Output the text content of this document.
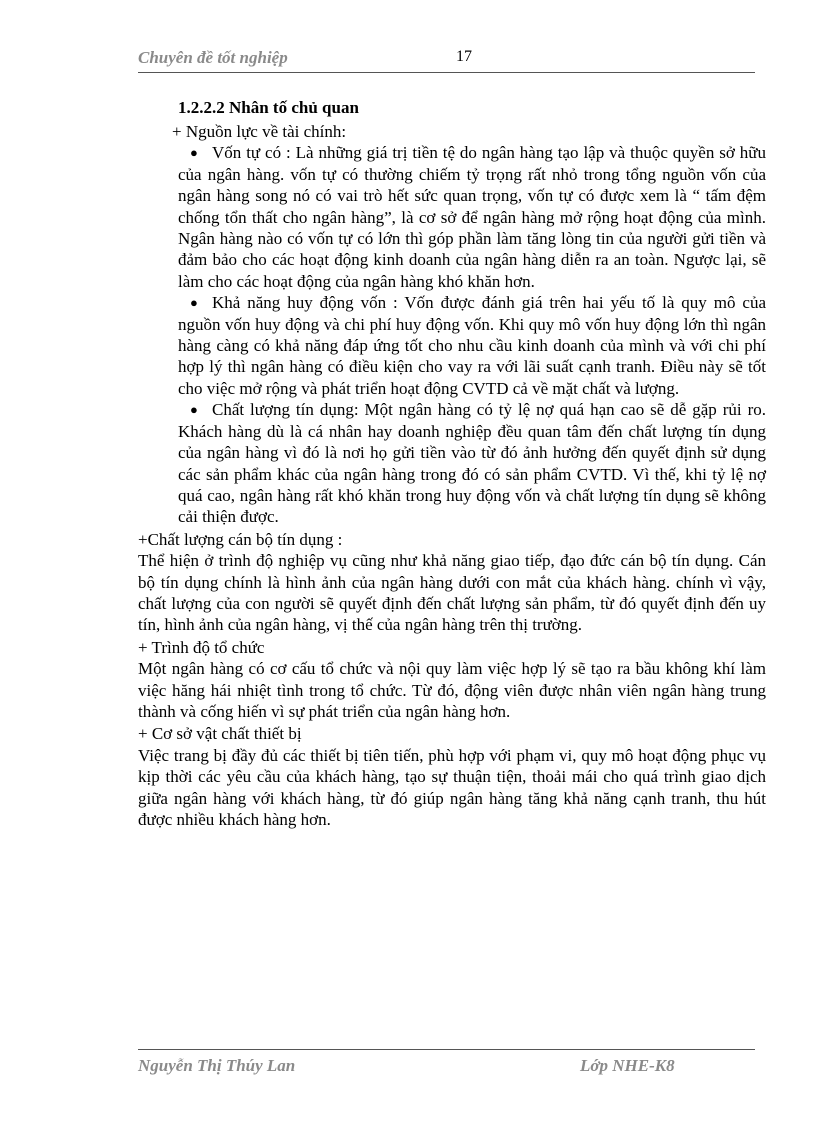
Chuyên đề tốt nghiệp	17

1.2.2.2 Nhân tố chủ quan

+ Nguồn lực về tài chính:

● Vốn tự có : Là những giá trị tiền tệ do ngân hàng tạo lập và thuộc quyền sở hữu của ngân hàng. vốn tự có thường chiếm tỷ trọng rất nhỏ trong tổng nguồn vốn của ngân hàng song nó có vai trò hết sức quan trọng, vốn tự có được xem là “ tấm đệm chống tổn thất cho ngân hàng”, là cơ sở để ngân hàng mở rộng hoạt động của mình. Ngân hàng nào có vốn tự có lớn thì góp phần làm tăng lòng tin của người gửi tiền và đảm bảo cho các hoạt động kinh doanh của ngân hàng diễn ra an toàn. Ngược lại, sẽ làm cho các hoạt động của ngân hàng khó khăn hơn.
● Khả năng huy động vốn : Vốn được đánh giá trên hai yếu tố là quy mô của nguồn vốn huy động và chi phí huy động vốn. Khi quy mô vốn huy động lớn thì ngân hàng càng có khả năng đáp ứng tốt cho nhu cầu kinh doanh của mình và với chi phí hợp lý thì ngân hàng có điều kiện cho vay ra với lãi suất cạnh tranh. Điều này sẽ tốt cho việc mở rộng và phát triển hoạt động CVTD cả về mặt chất và lượng.
● Chất lượng tín dụng: Một ngân hàng có tỷ lệ nợ quá hạn cao sẽ dễ gặp rủi ro. Khách hàng dù là cá nhân hay doanh nghiệp đều quan tâm đến chất lượng tín dụng của ngân hàng vì đó là nơi họ gửi tiền vào từ đó ảnh hưởng đến quyết định sử dụng các sản phẩm khác của ngân hàng trong đó có sản phẩm CVTD. Vì thế, khi tỷ lệ nợ quá cao, ngân hàng rất khó khăn trong huy động vốn và chất lượng tín dụng sẽ không cải thiện được.

+Chất lượng cán bộ tín dụng :

Thể hiện ở trình độ nghiệp vụ cũng như khả năng giao tiếp, đạo đức cán bộ tín dụng. Cán bộ tín dụng chính là hình ảnh của ngân hàng dưới con mắt của khách hàng. chính vì vậy, chất lượng của con người sẽ quyết định đến chất lượng sản phẩm, từ đó quyết định đến uy tín, hình ảnh của ngân hàng, vị thế của ngân hàng trên thị trường.

+ Trình độ tổ chức

Một ngân hàng có cơ cấu tổ chức và nội quy làm việc hợp lý sẽ tạo ra bầu không khí làm việc hăng hái nhiệt tình trong tổ chức. Từ đó, động viên được nhân viên ngân hàng trung thành và cống hiến vì sự phát triển của ngân hàng hơn.

+ Cơ sở vật chất thiết bị

Việc trang bị đầy đủ các thiết bị tiên tiến, phù hợp với phạm vi, quy mô hoạt động phục vụ kịp thời các yêu cầu của khách hàng, tạo sự thuận tiện, thoải mái cho quá trình giao dịch giữa ngân hàng với khách hàng, từ đó giúp ngân hàng tăng khả năng cạnh tranh, thu hút được nhiều khách hàng hơn.

Nguyễn Thị Thúy Lan	Lớp NHE-K8
